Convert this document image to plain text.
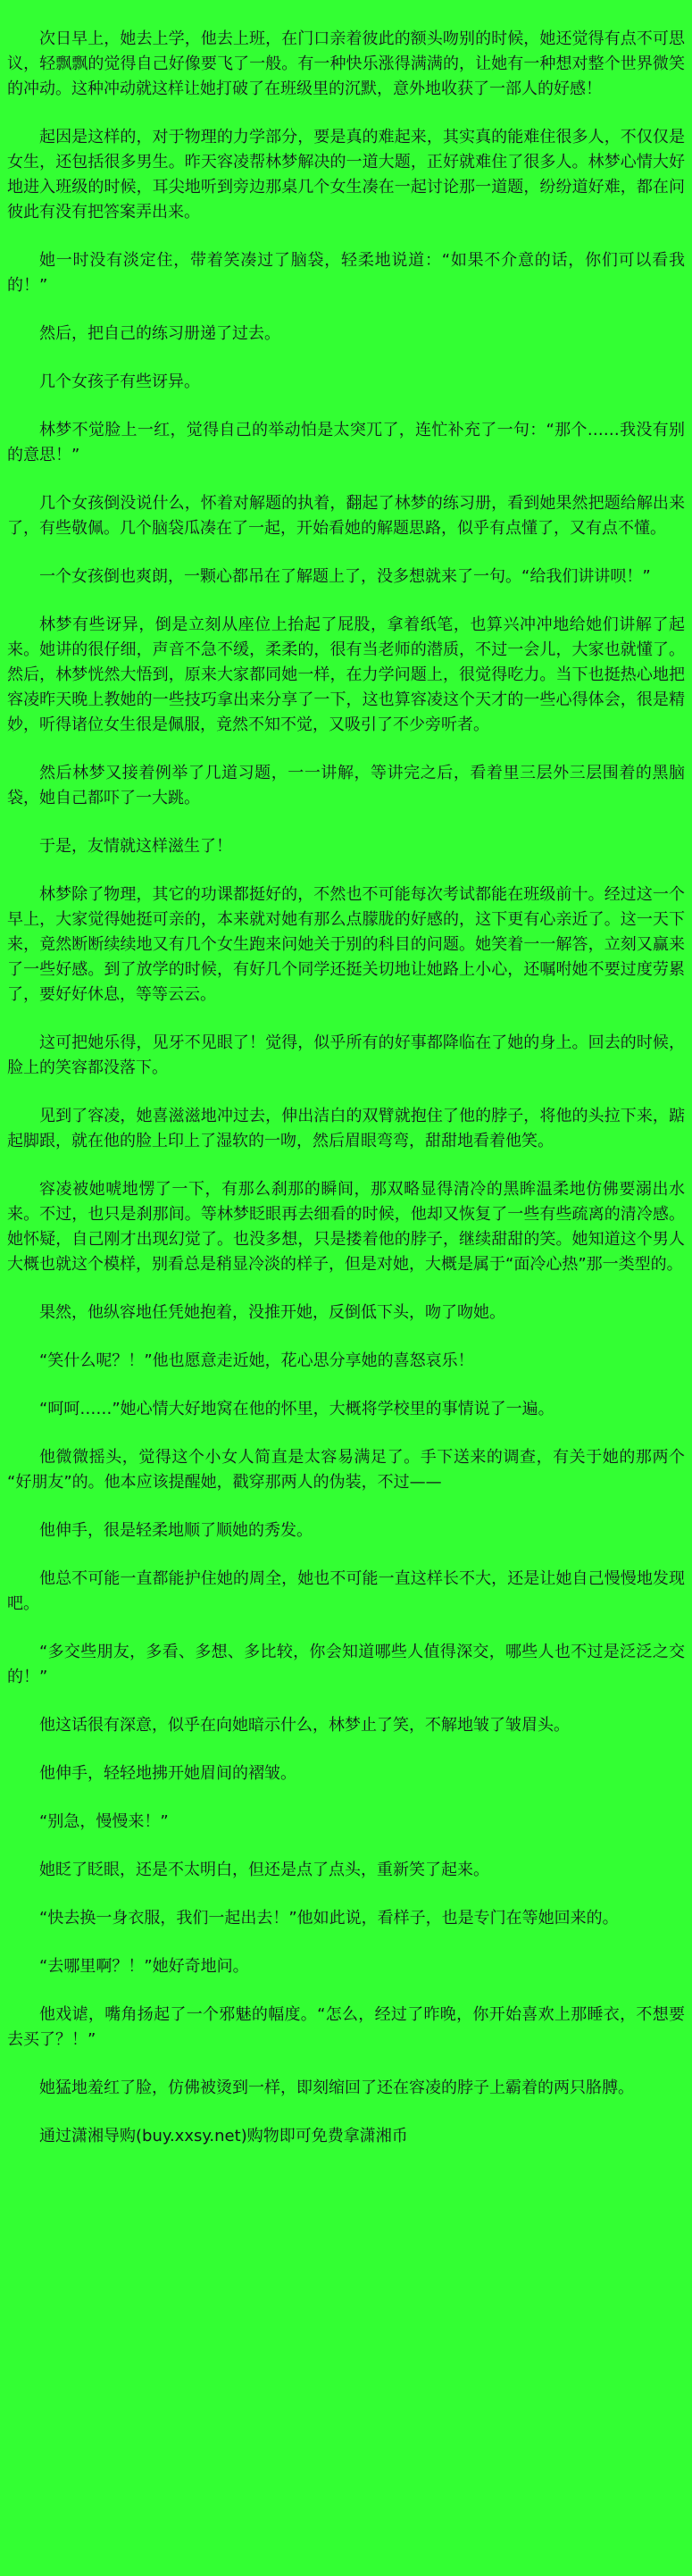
次日早上，她去上学，他去上班，在门口亲着彼此的额头吻别的时候，她还觉得有点不可思议，轻飘飘的觉得自己好像要飞了一般。有一种快乐涨得满满的，让她有一种想对整个世界微笑的冲动。这种冲动就这样让她打破了在班级里的沉默，意外地收获了一部人的好感！

起因是这样的，对于物理的力学部分，要是真的难起来，其实真的能难住很多人，不仅仅是女生，还包括很多男生。昨天容凌帮林梦解决的一道大题，正好就难住了很多人。林梦心情大好地进入班级的时候，耳尖地听到旁边那桌几个女生凑在一起讨论那一道题，纷纷道好难，都在问彼此有没有把答案弄出来。

她一时没有淡定住，带着笑凑过了脑袋，轻柔地说道：“如果不介意的话，你们可以看我的！”

然后，把自己的练习册递了过去。

几个女孩子有些讶异。

林梦不觉脸上一红，觉得自己的举动怕是太突兀了，连忙补充了一句：“那个……我没有别的意思！”

几个女孩倒没说什么，怀着对解题的执着，翻起了林梦的练习册，看到她果然把题给解出来了，有些敬佩。几个脑袋瓜凑在了一起，开始看她的解题思路，似乎有点懂了，又有点不懂。

一个女孩倒也爽朗，一颗心都吊在了解题上了，没多想就来了一句。“给我们讲讲呗！”

林梦有些讶异，倒是立刻从座位上抬起了屁股，拿着纸笔，也算兴冲冲地给她们讲解了起来。她讲的很仔细，声音不急不缓，柔柔的，很有当老师的潜质，不过一会儿，大家也就懂了。然后，林梦恍然大悟到，原来大家都同她一样，在力学问题上，很觉得吃力。当下也挺热心地把容凌昨天晚上教她的一些技巧拿出来分享了一下，这也算容凌这个天才的一些心得体会，很是精妙，听得诸位女生很是佩服，竟然不知不觉，又吸引了不少旁听者。

然后林梦又接着例举了几道习题，一一讲解，等讲完之后，看着里三层外三层围着的黑脑袋，她自己都吓了一大跳。

于是，友情就这样滋生了！

林梦除了物理，其它的功课都挺好的，不然也不可能每次考试都能在班级前十。经过这一个早上，大家觉得她挺可亲的，本来就对她有那么点朦胧的好感的，这下更有心亲近了。这一天下来，竟然断断续续地又有几个女生跑来问她关于别的科目的问题。她笑着一一解答，立刻又赢来了一些好感。到了放学的时候，有好几个同学还挺关切地让她路上小心，还嘱咐她不要过度劳累了，要好好休息，等等云云。

这可把她乐得，见牙不见眼了！觉得，似乎所有的好事都降临在了她的身上。回去的时候，脸上的笑容都没落下。

见到了容凌，她喜滋滋地冲过去，伸出洁白的双臂就抱住了他的脖子，将他的头拉下来，踮起脚跟，就在他的脸上印上了湿软的一吻，然后眉眼弯弯，甜甜地看着他笑。

容凌被她唬地愣了一下，有那么刹那的瞬间，那双略显得清冷的黑眸温柔地仿佛要溺出水来。不过，也只是刹那间。等林梦眨眼再去细看的时候，他却又恢复了一些有些疏离的清冷感。她怀疑，自己刚才出现幻觉了。也没多想，只是搂着他的脖子，继续甜甜的笑。她知道这个男人大概也就这个模样，别看总是稍显冷淡的样子，但是对她，大概是属于“面冷心热”那一类型的。

果然，他纵容地任凭她抱着，没推开她，反倒低下头，吻了吻她。

“笑什么呢？！”他也愿意走近她，花心思分享她的喜怒哀乐！

“呵呵……”她心情大好地窝在他的怀里，大概将学校里的事情说了一遍。

他微微摇头，觉得这个小女人简直是太容易满足了。手下送来的调查，有关于她的那两个“好朋友”的。他本应该提醒她，戳穿那两人的伪装，不过——

他伸手，很是轻柔地顺了顺她的秀发。

他总不可能一直都能护住她的周全，她也不可能一直这样长不大，还是让她自己慢慢地发现吧。

“多交些朋友，多看、多想、多比较，你会知道哪些人值得深交，哪些人也不过是泛泛之交的！”

他这话很有深意，似乎在向她暗示什么，林梦止了笑，不解地皱了皱眉头。

他伸手，轻轻地拂开她眉间的褶皱。

“别急，慢慢来！”

她眨了眨眼，还是不太明白，但还是点了点头，重新笑了起来。

“快去换一身衣服，我们一起出去！”他如此说，看样子，也是专门在等她回来的。

“去哪里啊？！”她好奇地问。

他戏谑，嘴角扬起了一个邪魅的幅度。“怎么，经过了昨晚，你开始喜欢上那睡衣，不想要去买了？！”

她猛地羞红了脸，仿佛被烫到一样，即刻缩回了还在容凌的脖子上霸着的两只胳膊。

通过潇湘导购(buy.xxsy.net)购物即可免费拿潇湘币
